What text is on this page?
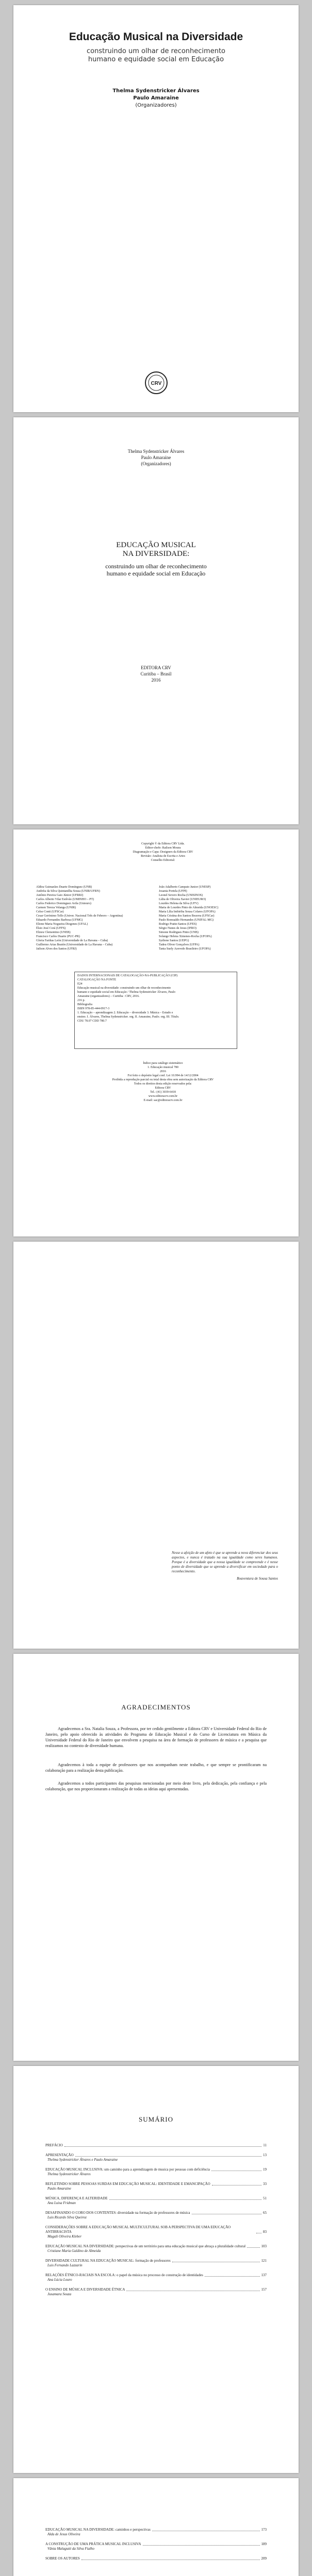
Educação Musical na Diversidade
construindo um olhar de reconhecimento
humano e equidade social em Educação
Thelma Sydenstricker Álvares
Paulo Amaraine
(Organizadores)
CRV
Thelma Sydenstricker Álvares
Paulo Amaraine
(Organizadores)
EDUCAÇÃO MUSICAL
NA DIVERSIDADE:
construindo um olhar de reconhecimento
humano e equidade social em Educação
EDITORA CRV
Curitiba – Brasil
2016
Copyright © da Editora CRV Ltda.
Editor-chefe: Railson Moura
Diagramação e Capa: Designers da Editora CRV
Revisão: Analista de Escrita e Artes
Conselho Editorial:
Aldira Guimarães Duarte Domínguez (UNB)
Andréia da Silva Quintanilha Sousa (UNIR/UFRN)
Antônio Pereira Gaio Júnior (UFRRJ)
Carlos Alberto Vilar Estêvão (UMINHO – PT)
Carlos Federico Dominguez Avila (Unieuro)
Carmen Tereza Velanga (UNIR)
Celso Conti (UFSCar)
Cesar Gerónimo Tello (Univer. Nacional Três de Febrero – Argentina)
Eduardo Fernandes Barbosa (UFMG)
Elione Maria Nogueira Diogenes (UFAL)
Élsio José Corá (UFFS)
Elizeu Clementino (UNEB)
Francisco Carlos Duarte (PUC-PR)
Gloria Fariñas León (Universidade de La Havana – Cuba)
Guillermo Arias Beatón (Universidade de La Havana – Cuba)
Jailson Alves dos Santos (UFRJ)
João Adalberto Campato Junior (UNESP)
Josania Portela (UFPI)
Leonel Severo Rocha (UNISINOS)
Lídia de Oliveira Xavier (UNIEURO)
Lourdes Helena da Silva (UFV)
Maria de Lourdes Pinto de Almeida (UNOESC)
Maria Lília Imbiriba Sousa Colares (UFOPA)
Maria Cristina dos Santos Bezerra (UFSCar)
Paulo Romualdo Hernandes (UNIFAL-MG)
Rodrigo Pratte-Santos (UFES)
Sérgio Nunes de Jesus (IFRO)
Simone Rodrigues Pinto (UNB)
Solange Helena Ximenes-Rocha (UFOPA)
Sydione Santos (UEPG)
Tadeu Oliver Gonçalves (UFPA)
Tania Suely Azevedo Brasileiro (UFOPA)
DADOS INTERNACIONAIS DE CATALOGAÇÃO-NA-PUBLICAÇÃO (CIP)
CATALOGAÇÃO NA FONTE
E24
Educação musical na diversidade: construindo um olhar de reconhecimento
humano e equidade social em Educação / Thelma Sydenstricker Álvares, Paulo
Amaraine (organizadores) – Curitiba : CRV, 2016.
216 p.
Bibliografia
ISBN 978-85-444-0917-3
1. Educação – aprendizagem 2. Educação – diversidade 3. Música – Estudo e
ensino. I. Álvares, Thelma Sydenstricker. org. II. Amaraine, Paulo. org. III. Título.
CDU 78.07 CDD 780.7
Índice para catálogo sistemático
1. Educação musical 780
2016
Foi feito o depósito legal conf. Lei 10.994 de 14/12/2004
Proibida a reprodução parcial ou total desta obra sem autorização da Editora CRV
Todos os direitos desta edição reservados pela:
Editora CRV
Tel.: (41) 3039-6418
www.editoracrv.com.br
E-mail: sac@editoracrv.com.br
Nesse a afeição de um afeto é que se aprende a nova diferenciar dos seus aspectos, e nunca é tratado na sua igualdade como seres humanos. Porque é a diversidade que a nossa igualdade se compreende e é nesse ponto de diversidade que se aprende a diversificar em sociedade para o reconhecimento.
Boaventura de Sousa Santos
AGRADECIMENTOS

Agradecemos a Sra. Natalia Souza, a Professora, por ter cedido gentilmente a Editora CRV e Universidade Federal do Rio de Janeiro, pelo apoio oferecido às atividades do Programa de Educação Musical e do Curso de Licenciatura em Música da Universidade Federal do Rio de Janeiro que envolvem a pesquisa na área de formação de professores de música e a pesquisa que realizamos no contexto de diversidade humana.

Agradecemos à toda a equipe de professores que nos acompanham neste trabalho, e que sempre se prontificaram na colaboração para a realização desta publicação.

Agradecemos a todos participantes das pesquisas mencionadas por meio deste livro, pela dedicação, pela confiança e pela colaboração, que nos proporcionaram a realização de todas as ideias aqui apresentadas.

SUMÁRIO
PREFÁCIO	11
APRESENTAÇÃO	13
Thelma Sydenstricker Álvares e Paulo Amaraine
EDUCAÇÃO MUSICAL INCLUSIVA: um caminho para a aprendizagem de musica por pessoas com deficiência	19
Thelma Sydenstricker Álvares
REFLETINDO SOBRE PESSOAS SURDAS EM EDUCAÇÃO MUSICAL: IDENTIDADE E EMANCIPAÇÃO	33
Paulo Amaraine
MÚSICA, DIFERENÇA E ALTERIDADE	51
Ana Luisa Fridman
DESAFINANDO O CORO DOS CONTENTES: diversidade na formação de professores de música	65
Luis Ricardo Silva Queiroz
CONSIDERAÇÕES SOBRE A EDUCAÇÃO MUSICAL MULTICULTURAL SOB A PERSPECTIVA DE UMA EDUCAÇÃO ANTIRRACISTA	83
Magali Oliveira Kleber
EDUCAÇÃO MUSICAL NA DIVERSIDADE: perspectivas de um território para uma educação musical que abraça a pluralidade cultural	103
Cristiane Maria Galdino de Almeida
DIVERSIDADE CULTURAL NA EDUCAÇÃO MUSICAL: formação de professores	121
Luis Fernando Lazzarin
RELAÇÕES ÉTNICO-RACIAIS NA ESCOLA: o papel da música no processo de construção de identidades	137
Ana Lúcia Louro
O ENSINO DE MÚSICA E DIVERSIDADE ÉTNICA	157
Jusamara Souza
EDUCAÇÃO MUSICAL NA DIVERSIDADE: caminhos e perspectivas	173
Alda de Jesus Oliveira
A CONSTRUÇÃO DE UMA PRÁTICA MUSICAL INCLUSIVA	189
Vânia Malagutti da Silva Fialho
SOBRE OS AUTORES	209
